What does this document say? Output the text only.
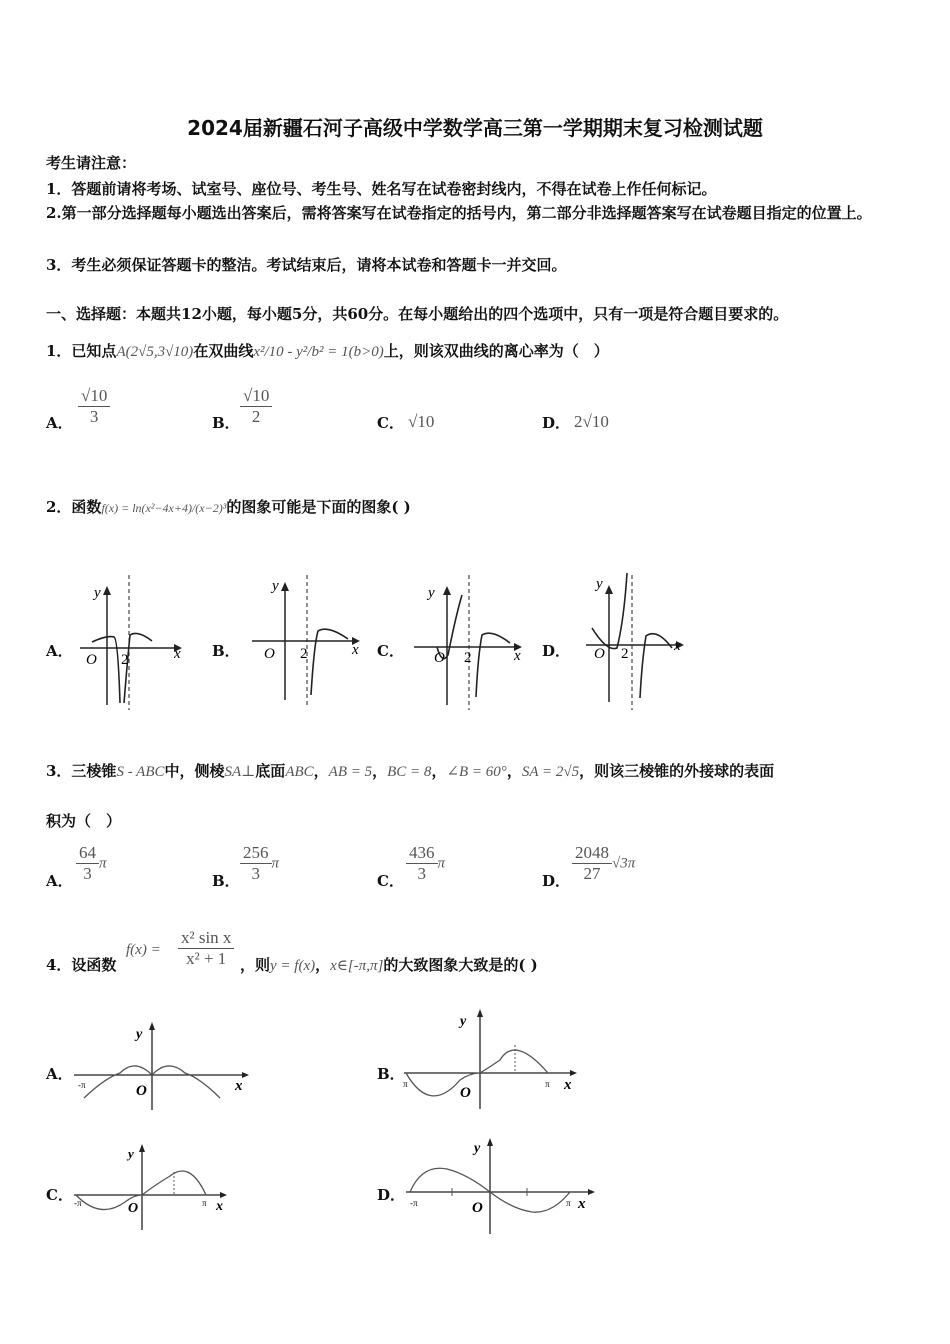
2024届新疆石河子高级中学数学高三第一学期期末复习检测试题
考生请注意：
1．答题前请将考场、试室号、座位号、考生号、姓名写在试卷密封线内，不得在试卷上作任何标记。
2.第一部分选择题每小题选出答案后，需将答案写在试卷指定的括号内，第二部分非选择题答案写在试卷题目指定的位置上。
3．考生必须保证答题卡的整洁。考试结束后，请将本试卷和答题卡一并交回。
一、选择题：本题共12小题，每小题5分，共60分。在每小题给出的四个选项中，只有一项是符合题目要求的。
1．已知点A(2√5,3√10)在双曲线x²/10 - y²/b² = 1(b>0)上，则该双曲线的离心率为（　）
A． $\frac{√10}{3}$	B． $\frac{√10}{2}$	C． √10	D． 2√10
2．函数f(x) = ln(x²−4x+4)/(x−2)³的图象可能是下面的图象( )
A．	B．	C．	D．
y
x
O 2
y
x
O 2
y
x
O 2
y
x
O 2
3．三棱锥S - ABC中，侧棱SA⊥底面ABC，AB = 5，BC = 8，∠B = 60°，SA = 2√5，则该三棱锥的外接球的表面
积为（　）
A． $\frac{64}{3}$ π
B． $\frac{256}{3}$ π
C． $\frac{436}{3}$ π
D． $\frac{2048}{27} √3\pi$
4．设函数
$f(x) = \frac{\text{x² sin x}}{\text{x² + 1}}$ ，则y = f(x)，x∈[-π,π]的大致图象大致是的( )
A．	B．
C．	D．
-π
y
x
O	π	π
y
x
O
-π	π
y
x
O	-π	π
y
x
O
